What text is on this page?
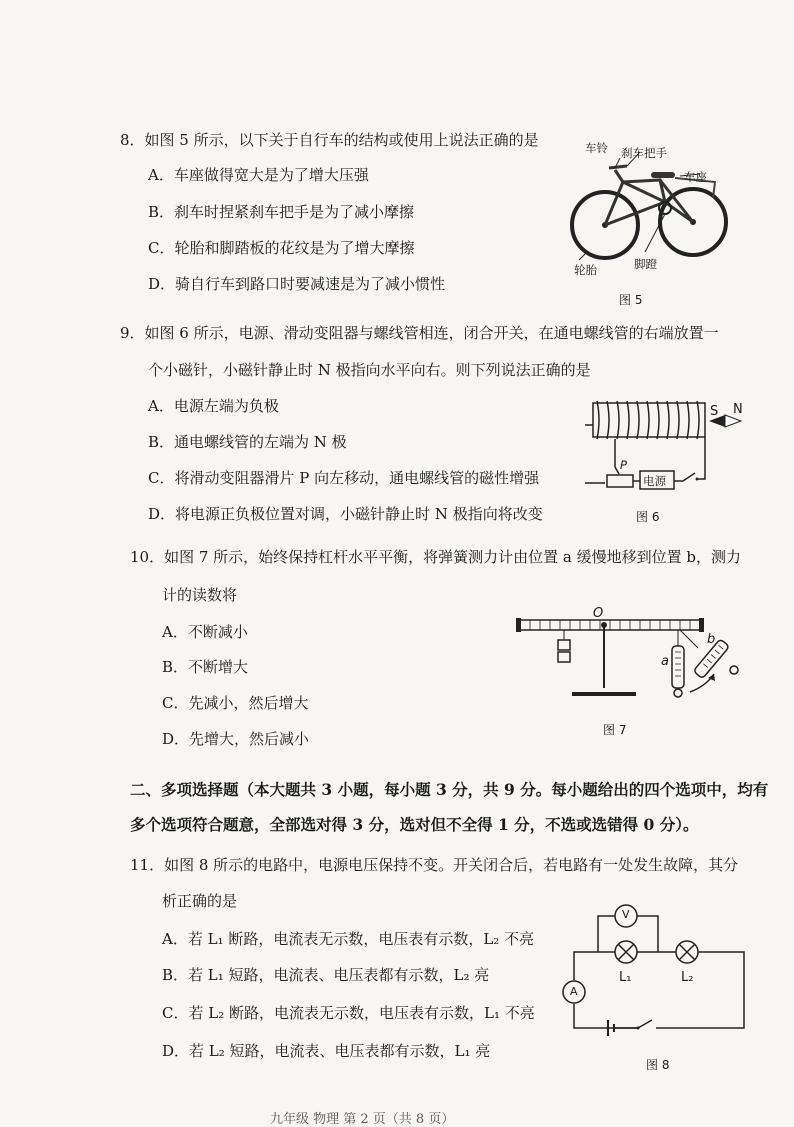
8．如图 5 所示，以下关于自行车的结构或使用上说法正确的是
A．车座做得宽大是为了增大压强
B．刹车时捏紧刹车把手是为了减小摩擦
C．轮胎和脚踏板的花纹是为了增大摩擦
D．骑自行车到路口时要减速是为了减小惯性
车铃 刹车把手
车座
轮胎	脚蹬
图 5
9．如图 6 所示，电源、滑动变阻器与螺线管相连，闭合开关，在通电螺线管的右端放置一
个小磁针，小磁针静止时 N 极指向水平向右。则下列说法正确的是
A．电源左端为负极
B．通电螺线管的左端为 N 极
C．将滑动变阻器滑片 P 向左移动，通电螺线管的磁性增强
D．将电源正负极位置对调，小磁针静止时 N 极指向将改变
S N
P
电源
图 6
10．如图 7 所示，始终保持杠杆水平平衡，将弹簧测力计由位置 a 缓慢地移到位置 b，测力
计的读数将
A．不断减小
B．不断增大
C．先减小，然后增大
D．先增大，然后减小
O
a
b
图 7
二、多项选择题（本大题共 3 小题，每小题 3 分，共 9 分。每小题给出的四个选项中，均有
多个选项符合题意，全部选对得 3 分，选对但不全得 1 分，不选或选错得 0 分）。
11．如图 8 所示的电路中，电源电压保持不变。开关闭合后，若电路有一处发生故障，其分
析正确的是
A．若 L₁ 断路，电流表无示数，电压表有示数，L₂ 不亮
B．若 L₁ 短路，电流表、电压表都有示数，L₂ 亮
C．若 L₂ 断路，电流表无示数，电压表有示数，L₁ 不亮
D．若 L₂ 短路，电流表、电压表都有示数，L₁ 亮
V
A
L₁	L₂
图 8
九年级 物理 第 2 页（共 8 页）
